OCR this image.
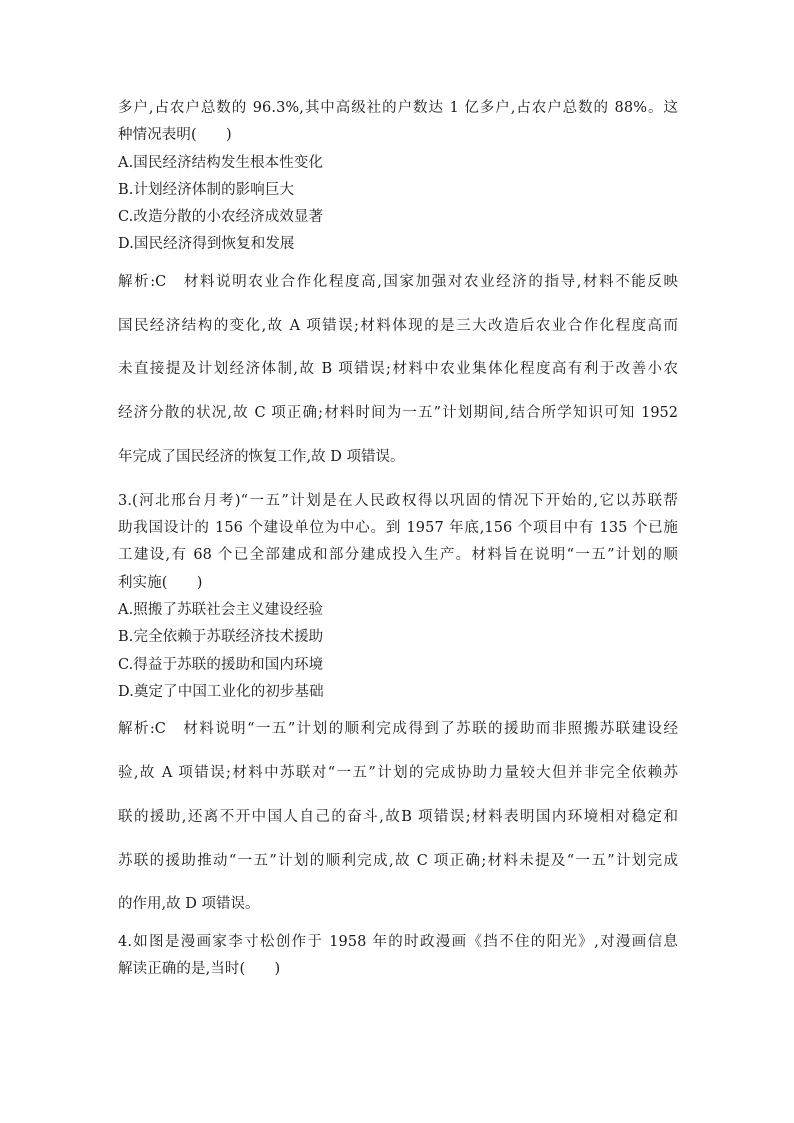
多户,占农户总数的 96.3%,其中高级社的户数达 1 亿多户,占农户总数的 88%。这
种情况表明(　　)
A.国民经济结构发生根本性变化
B.计划经济体制的影响巨大
C.改造分散的小农经济成效显著
D.国民经济得到恢复和发展
解析:C　材料说明农业合作化程度高,国家加强对农业经济的指导,材料不能反映
国民经济结构的变化,故 A 项错误;材料体现的是三大改造后农业合作化程度高而
未直接提及计划经济体制,故 B 项错误;材料中农业集体化程度高有利于改善小农
经济分散的状况,故 C 项正确;材料时间为一五”计划期间,结合所学知识可知 1952
年完成了国民经济的恢复工作,故 D 项错误。
3.(河北邢台月考)“一五”计划是在人民政权得以巩固的情况下开始的,它以苏联帮
助我国设计的 156 个建设单位为中心。到 1957 年底,156 个项目中有 135 个已施
工建设,有 68 个已全部建成和部分建成投入生产。材料旨在说明“一五”计划的顺
利实施(　　)
A.照搬了苏联社会主义建设经验
B.完全依赖于苏联经济技术援助
C.得益于苏联的援助和国内环境
D.奠定了中国工业化的初步基础
解析:C　材料说明“一五”计划的顺利完成得到了苏联的援助而非照搬苏联建设经
验,故 A 项错误;材料中苏联对“一五”计划的完成协助力量较大但并非完全依赖苏
联的援助,还离不开中国人自己的奋斗,故B 项错误;材料表明国内环境相对稳定和
苏联的援助推动“一五”计划的顺利完成,故 C 项正确;材料未提及“一五”计划完成
的作用,故 D 项错误。
4.如图是漫画家李寸松创作于 1958 年的时政漫画《挡不住的阳光》,对漫画信息
解读正确的是,当时(　　)
